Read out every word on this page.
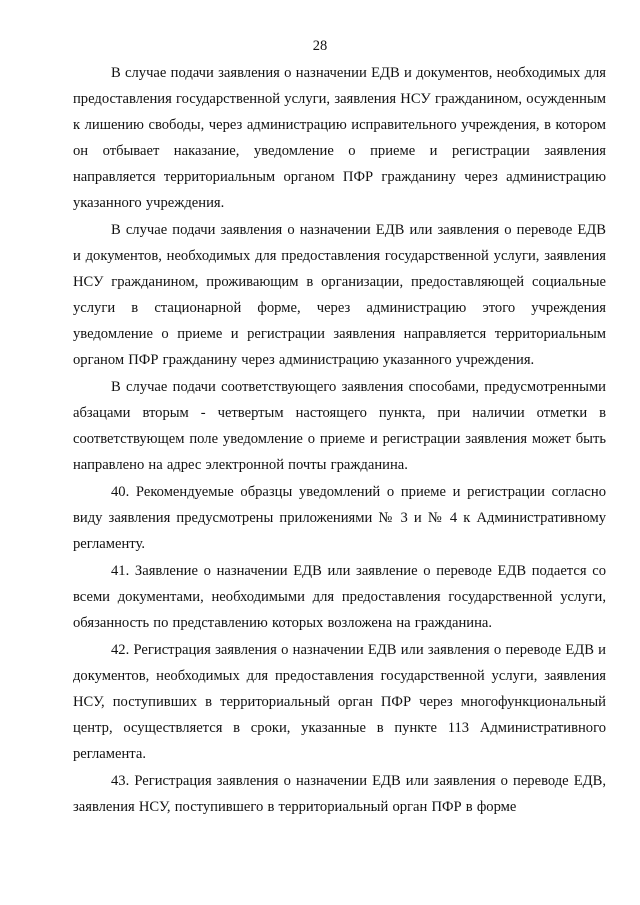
28

В случае подачи заявления о назначении ЕДВ и документов, необходимых для предоставления государственной услуги, заявления НСУ гражданином, осужденным к лишению свободы, через администрацию исправительного учреждения, в котором он отбывает наказание, уведомление о приеме и регистрации заявления направляется территориальным органом ПФР гражданину через администрацию указанного учреждения.

В случае подачи заявления о назначении ЕДВ или заявления о переводе ЕДВ и документов, необходимых для предоставления государственной услуги, заявления НСУ гражданином, проживающим в организации, предоставляющей социальные услуги в стационарной форме, через администрацию этого учреждения уведомление о приеме и регистрации заявления направляется территориальным органом ПФР гражданину через администрацию указанного учреждения.

В случае подачи соответствующего заявления способами, предусмотренными абзацами вторым - четвертым настоящего пункта, при наличии отметки в соответствующем поле уведомление о приеме и регистрации заявления может быть направлено на адрес электронной почты гражданина.

40. Рекомендуемые образцы уведомлений о приеме и регистрации согласно виду заявления предусмотрены приложениями № 3 и № 4 к Административному регламенту.

41. Заявление о назначении ЕДВ или заявление о переводе ЕДВ подается со всеми документами, необходимыми для предоставления государственной услуги, обязанность по представлению которых возложена на гражданина.

42. Регистрация заявления о назначении ЕДВ или заявления о переводе ЕДВ и документов, необходимых для предоставления государственной услуги, заявления НСУ, поступивших в территориальный орган ПФР через многофункциональный центр, осуществляется в сроки, указанные в пункте 113 Административного регламента.

43. Регистрация заявления о назначении ЕДВ или заявления о переводе ЕДВ, заявления НСУ, поступившего в территориальный орган ПФР в форме
